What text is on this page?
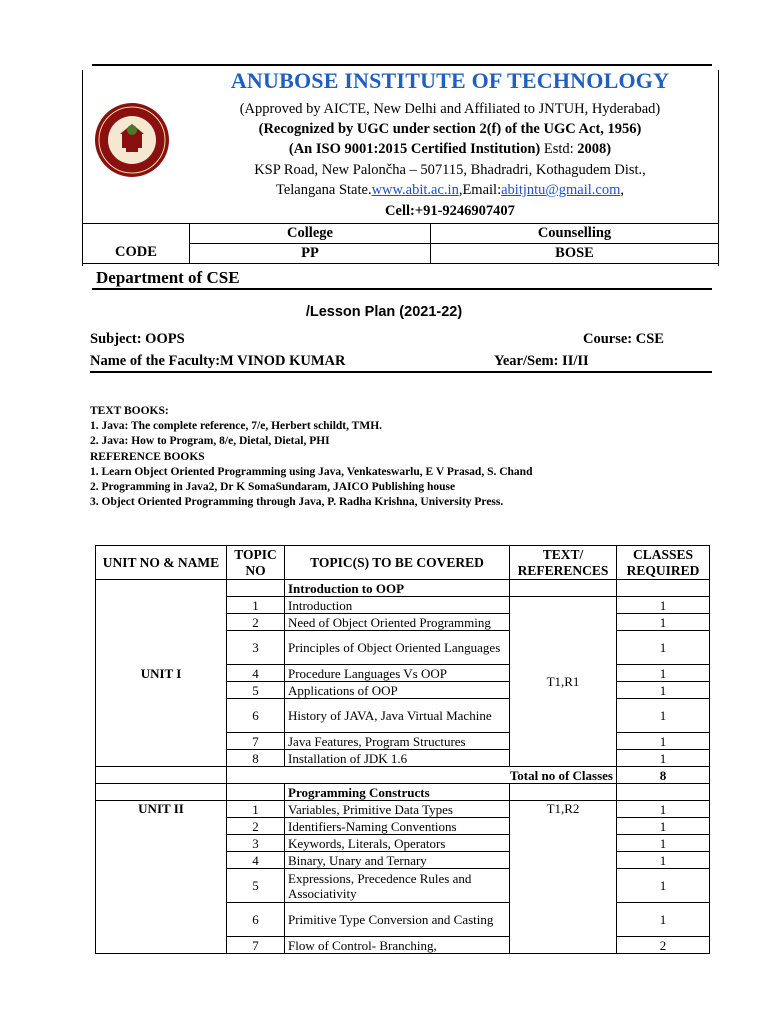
ANUBOSE INSTITUTE OF TECHNOLOGY
(Approved by AICTE, New Delhi and Affiliated to JNTUH, Hyderabad)
(Recognized by UGC under section 2(f) of the UGC Act, 1956)
(An ISO 9001:2015 Certified Institution) Estd: 2008)
KSP Road, New Palončha – 507115, Bhadradri, Kothagudem Dist.,
Telangana State.www.abit.ac.in,Email:abitjntu@gmail.com,
Cell:+91-9246907407
CODE	College	Counselling
	PP	BOSE
Department of CSE
/Lesson Plan (2021-22)
Subject: OOPS	Course: CSE
Name of the Faculty:M VINOD KUMAR	Year/Sem: II/II
TEXT BOOKS:
1. Java: The complete reference, 7/e, Herbert schildt, TMH.
2. Java: How to Program, 8/e, Dietal, Dietal, PHI
REFERENCE BOOKS
1. Learn Object Oriented Programming using Java, Venkateswarlu, E V Prasad, S. Chand
2. Programming in Java2, Dr K SomaSundaram, JAICO Publishing house
3. Object Oriented Programming through Java, P. Radha Krishna, University Press.
UNIT NO & NAME	TOPIC NO	TOPIC(S) TO BE COVERED	TEXT/ REFERENCES	CLASSES REQUIRED
UNIT I		Introduction to OOP		
	1	Introduction	T1,R1	1
	2	Need of Object Oriented Programming		1
	3	Principles of Object Oriented Languages		1
	4	Procedure Languages Vs OOP		1
	5	Applications of OOP		1
	6	History of JAVA, Java Virtual Machine		1
	7	Java Features, Program Structures		1
	8	Installation of JDK 1.6		1
	Total no of Classes			8
		Programming Constructs		
UNIT II	1	Variables, Primitive Data Types	T1,R2	1
	2	Identifiers-Naming Conventions		1
	3	Keywords, Literals, Operators		1
	4	Binary, Unary and Ternary		1
	5	Expressions, Precedence Rules and Associativity		1
	6	Primitive Type Conversion and Casting		1
	7	Flow of Control- Branching,		2
